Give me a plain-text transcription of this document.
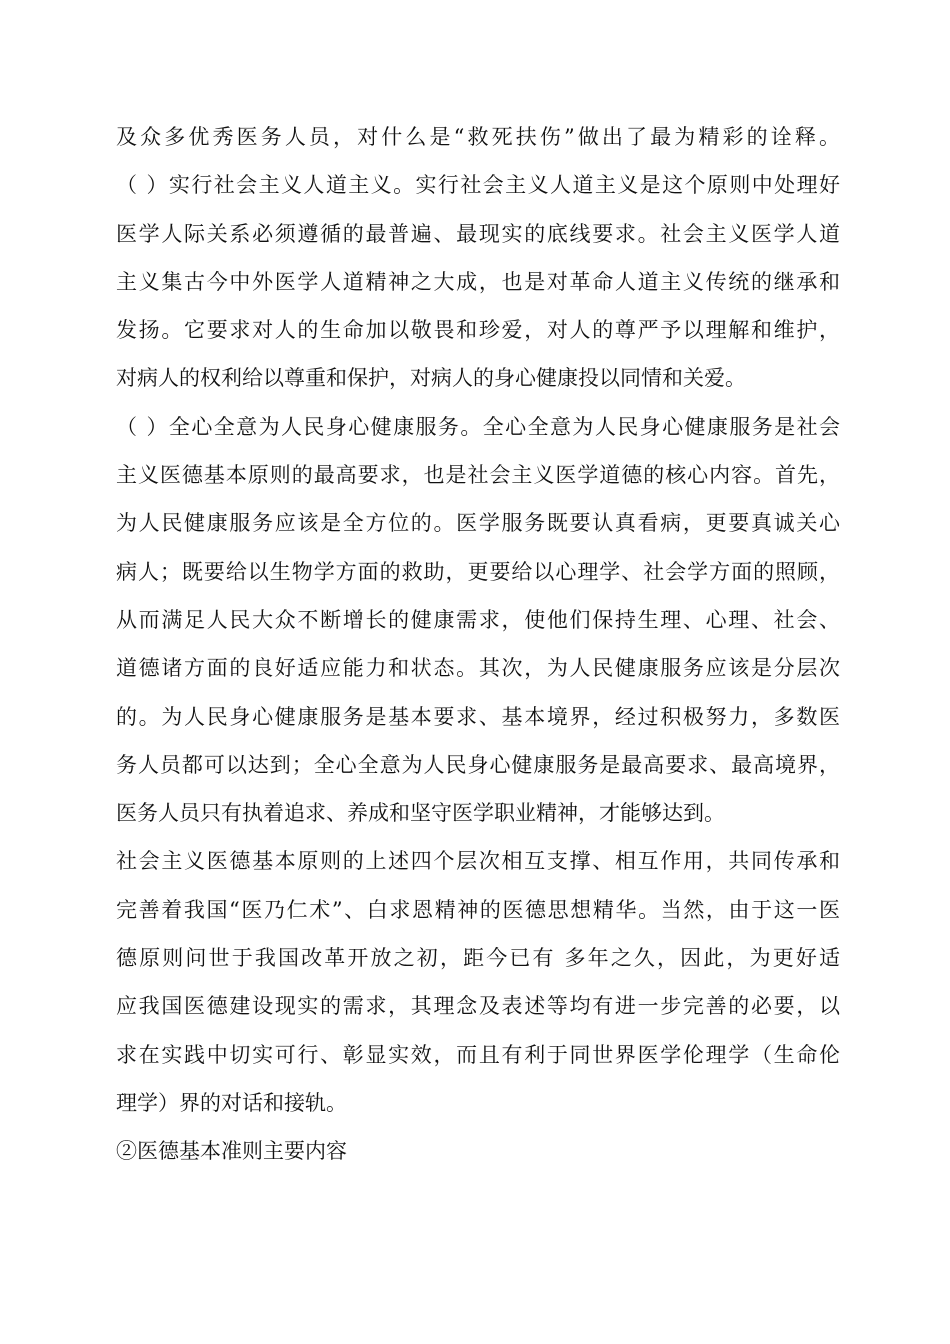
及众多优秀医务人员，对什么是“救死扶伤”做出了最为精彩的诠释。
（ ）实行社会主义人道主义。实行社会主义人道主义是这个原则中处理好
医学人际关系必须遵循的最普遍、最现实的底线要求。社会主义医学人道
主义集古今中外医学人道精神之大成，也是对革命人道主义传统的继承和
发扬。它要求对人的生命加以敬畏和珍爱，对人的尊严予以理解和维护，
对病人的权利给以尊重和保护，对病人的身心健康投以同情和关爱。
（ ）全心全意为人民身心健康服务。全心全意为人民身心健康服务是社会
主义医德基本原则的最高要求，也是社会主义医学道德的核心内容。首先，
为人民健康服务应该是全方位的。医学服务既要认真看病，更要真诚关心
病人；既要给以生物学方面的救助，更要给以心理学、社会学方面的照顾，
从而满足人民大众不断增长的健康需求，使他们保持生理、心理、社会、
道德诸方面的良好适应能力和状态。其次，为人民健康服务应该是分层次
的。为人民身心健康服务是基本要求、基本境界，经过积极努力，多数医
务人员都可以达到；全心全意为人民身心健康服务是最高要求、最高境界，
医务人员只有执着追求、养成和坚守医学职业精神，才能够达到。
社会主义医德基本原则的上述四个层次相互支撑、相互作用，共同传承和
完善着我国“医乃仁术”、白求恩精神的医德思想精华。当然，由于这一医
德原则问世于我国改革开放之初，距今已有 多年之久，因此，为更好适
应我国医德建设现实的需求，其理念及表述等均有进一步完善的必要，以
求在实践中切实可行、彰显实效，而且有利于同世界医学伦理学（生命伦
理学）界的对话和接轨。
②医德基本准则主要内容
